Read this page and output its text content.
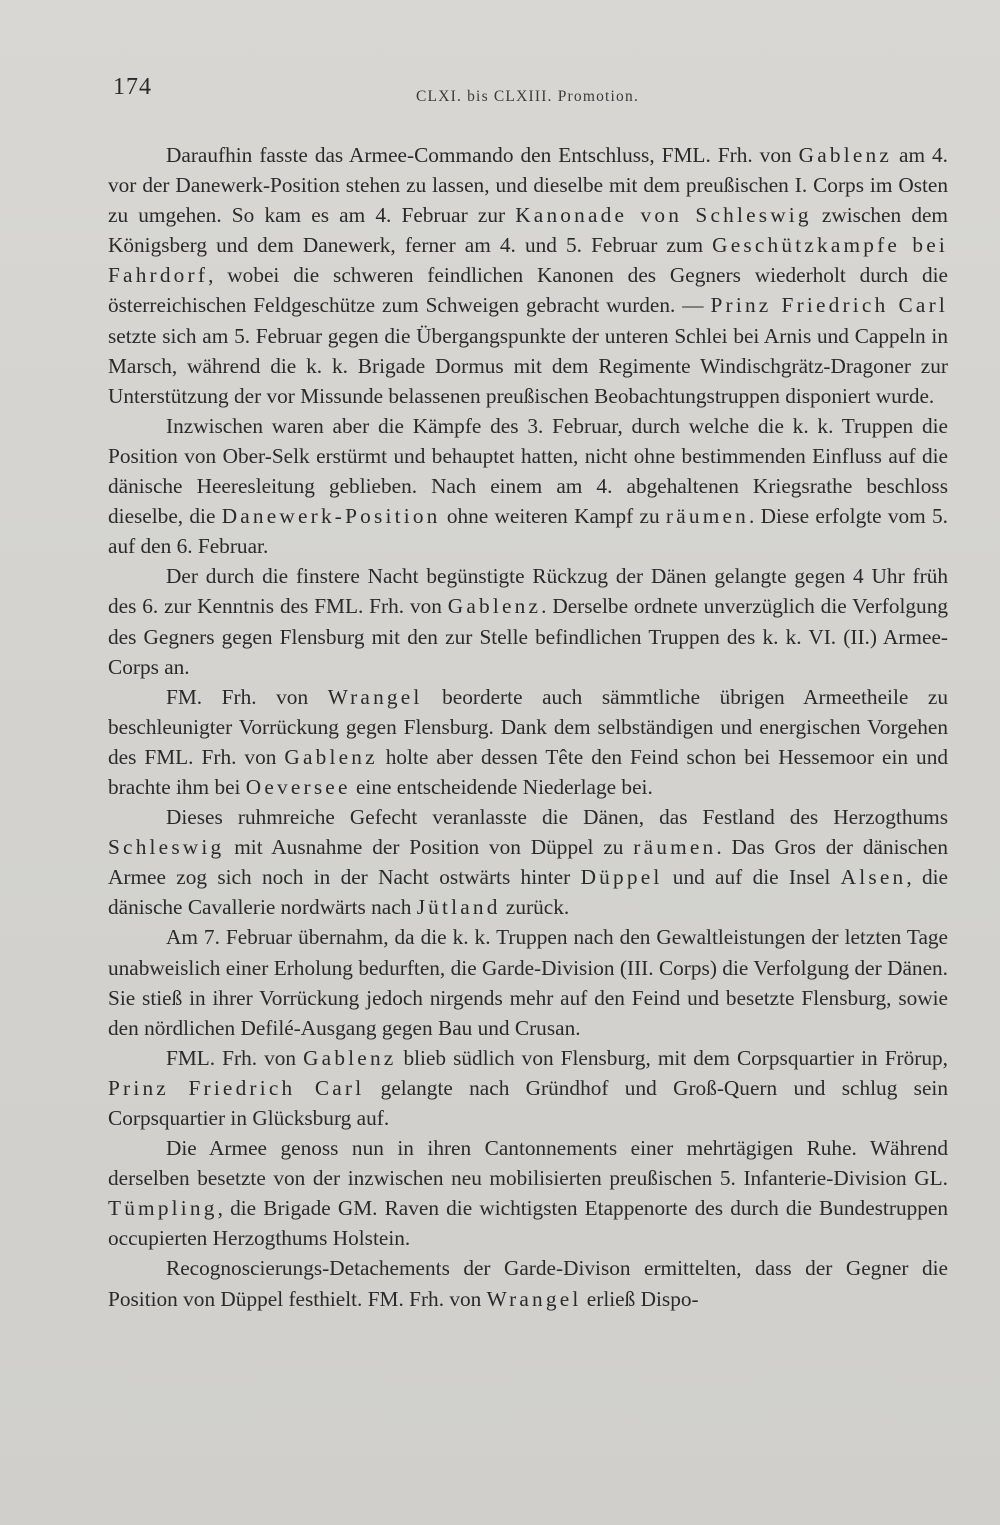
174	CLXI. bis CLXIII. Promotion.

Daraufhin fasste das Armee-Commando den Entschluss, FML. Frh. von Gablenz am 4. vor der Danewerk-Position stehen zu lassen, und dieselbe mit dem preußischen I. Corps im Osten zu umgehen. So kam es am 4. Februar zur Kanonade von Schleswig zwischen dem Königsberg und dem Danewerk, ferner am 4. und 5. Februar zum Geschützkampfe bei Fahrdorf, wobei die schweren feindlichen Kanonen des Gegners wiederholt durch die österreichischen Feldgeschütze zum Schweigen gebracht wurden. — Prinz Friedrich Carl setzte sich am 5. Februar gegen die Übergangspunkte der unteren Schlei bei Arnis und Cappeln in Marsch, während die k. k. Brigade Dormus mit dem Regimente Windischgrätz-Dragoner zur Unterstützung der vor Missunde belassenen preußischen Beobachtungstruppen disponiert wurde.

Inzwischen waren aber die Kämpfe des 3. Februar, durch welche die k. k. Truppen die Position von Ober-Selk erstürmt und behauptet hatten, nicht ohne bestimmenden Einfluss auf die dänische Heeresleitung geblieben. Nach einem am 4. abgehaltenen Kriegsrathe beschloss dieselbe, die Danewerk-Position ohne weiteren Kampf zu räumen. Diese erfolgte vom 5. auf den 6. Februar.

Der durch die finstere Nacht begünstigte Rückzug der Dänen gelangte gegen 4 Uhr früh des 6. zur Kenntnis des FML. Frh. von Gablenz. Derselbe ordnete unverzüglich die Verfolgung des Gegners gegen Flensburg mit den zur Stelle befindlichen Truppen des k. k. VI. (II.) Armee-Corps an.

FM. Frh. von Wrangel beorderte auch sämmtliche übrigen Armeetheile zu beschleunigter Vorrückung gegen Flensburg. Dank dem selbständigen und energischen Vorgehen des FML. Frh. von Gablenz holte aber dessen Tête den Feind schon bei Hessemoor ein und brachte ihm bei Oeversee eine entscheidende Niederlage bei.

Dieses ruhmreiche Gefecht veranlasste die Dänen, das Festland des Herzogthums Schleswig mit Ausnahme der Position von Düppel zu räumen. Das Gros der dänischen Armee zog sich noch in der Nacht ostwärts hinter Düppel und auf die Insel Alsen, die dänische Cavallerie nordwärts nach Jütland zurück.

Am 7. Februar übernahm, da die k. k. Truppen nach den Gewaltleistungen der letzten Tage unabweislich einer Erholung bedurften, die Garde-Division (III. Corps) die Verfolgung der Dänen. Sie stieß in ihrer Vorrückung jedoch nirgends mehr auf den Feind und besetzte Flensburg, sowie den nördlichen Defilé-Ausgang gegen Bau und Crusan.

FML. Frh. von Gablenz blieb südlich von Flensburg, mit dem Corpsquartier in Frörup, Prinz Friedrich Carl gelangte nach Gründhof und Groß-Quern und schlug sein Corpsquartier in Glücksburg auf.

Die Armee genoss nun in ihren Cantonnements einer mehrtägigen Ruhe. Während derselben besetzte von der inzwischen neu mobilisierten preußischen 5. Infanterie-Division GL. Tümpling, die Brigade GM. Raven die wichtigsten Etappenorte des durch die Bundestruppen occupierten Herzogthums Holstein.

Recognoscierungs-Detachements der Garde-Divison ermittelten, dass der Gegner die Position von Düppel festhielt. FM. Frh. von Wrangel erließ Dispo-
